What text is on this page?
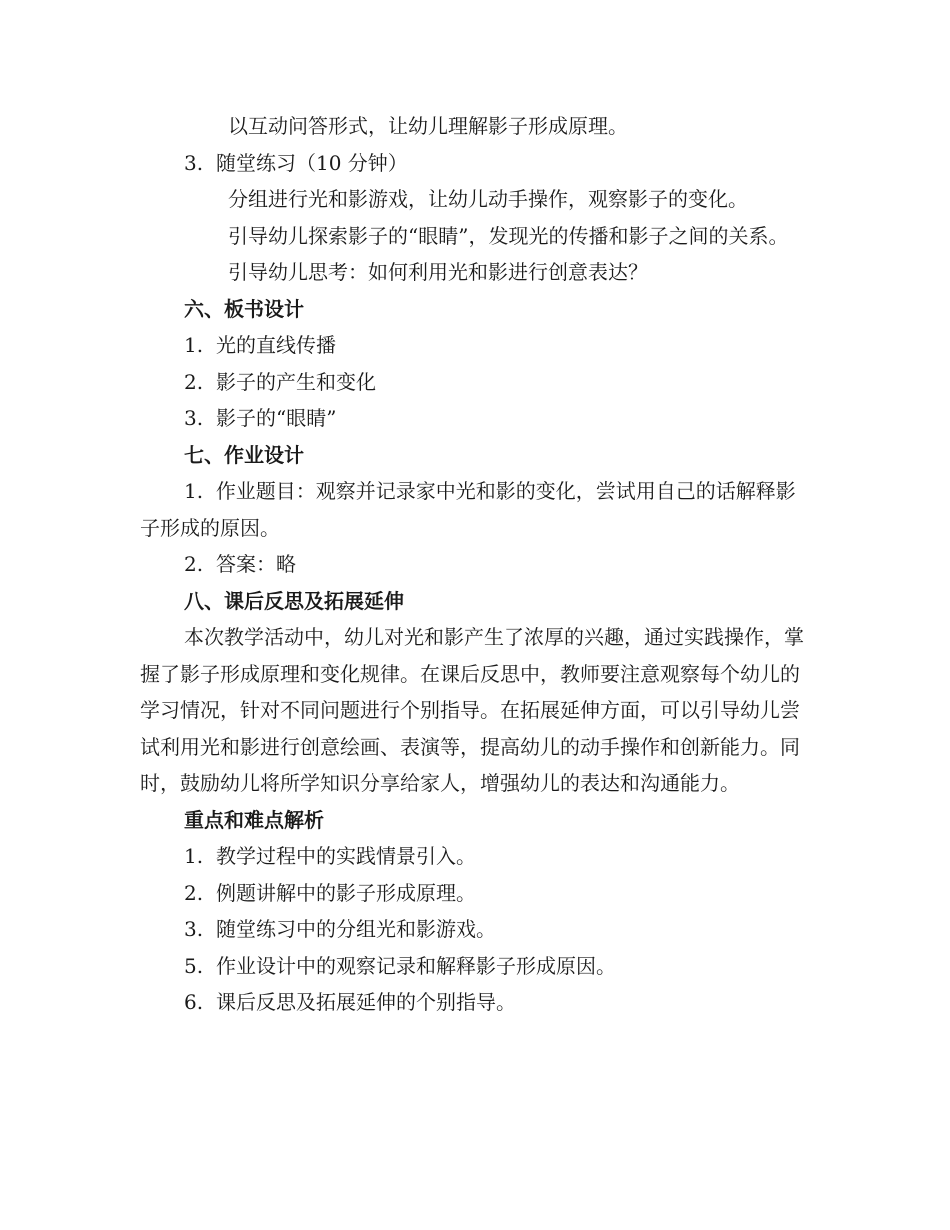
以互动问答形式，让幼儿理解影子形成原理。

3. 随堂练习（10 分钟）

分组进行光和影游戏，让幼儿动手操作，观察影子的变化。

引导幼儿探索影子的“眼睛”，发现光的传播和影子之间的关系。

引导幼儿思考：如何利用光和影进行创意表达？

六、板书设计

1. 光的直线传播

2. 影子的产生和变化

3. 影子的“眼睛”

七、作业设计

1. 作业题目：观察并记录家中光和影的变化，尝试用自己的话解释影子形成的原因。

2. 答案：略

八、课后反思及拓展延伸

本次教学活动中，幼儿对光和影产生了浓厚的兴趣，通过实践操作，掌握了影子形成原理和变化规律。在课后反思中，教师要注意观察每个幼儿的学习情况，针对不同问题进行个别指导。在拓展延伸方面，可以引导幼儿尝试利用光和影进行创意绘画、表演等，提高幼儿的动手操作和创新能力。同时，鼓励幼儿将所学知识分享给家人，增强幼儿的表达和沟通能力。

重点和难点解析

1. 教学过程中的实践情景引入。

2. 例题讲解中的影子形成原理。

3. 随堂练习中的分组光和影游戏。

5. 作业设计中的观察记录和解释影子形成原因。

6. 课后反思及拓展延伸的个别指导。
